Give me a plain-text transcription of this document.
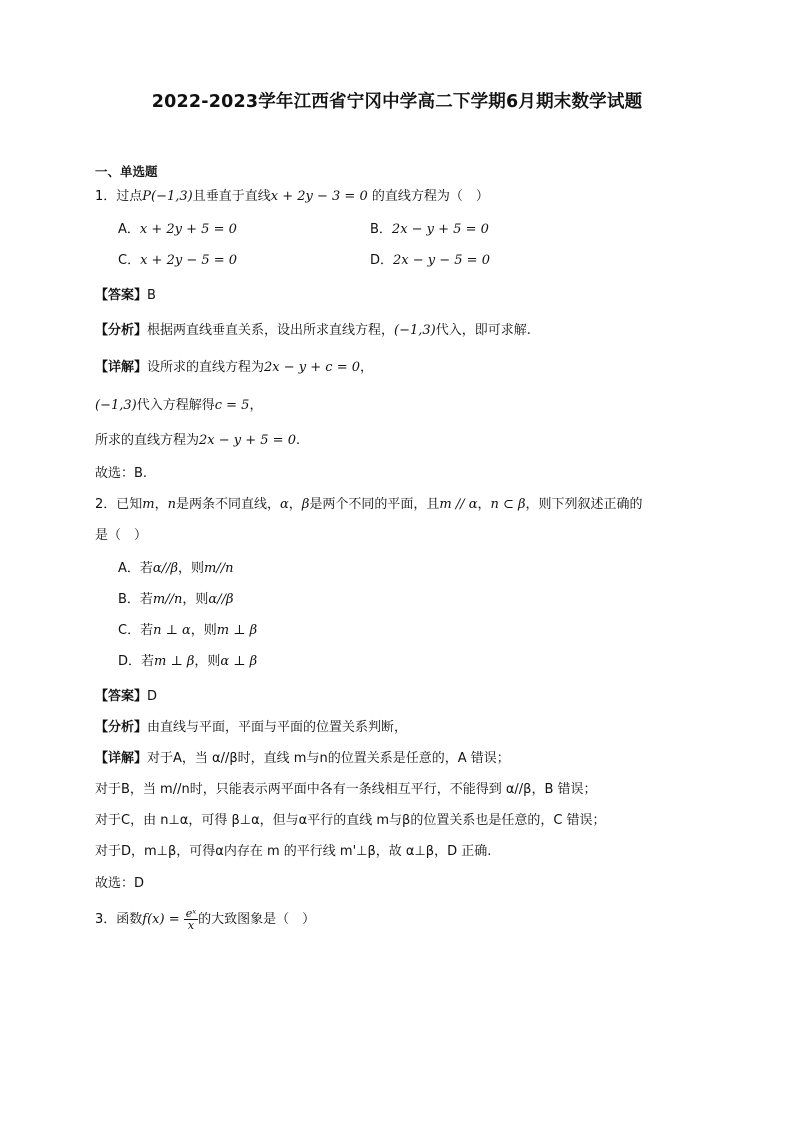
2022-2023学年江西省宁冈中学高二下学期6月期末数学试题
一、单选题
1．过点P(−1,3)且垂直于直线x + 2y − 3 = 0 的直线方程为（　）
A．x + 2y + 5 = 0	B．2x − y + 5 = 0
C．x + 2y − 5 = 0	D．2x − y − 5 = 0
【答案】B
【分析】根据两直线垂直关系，设出所求直线方程，(−1,3)代入，即可求解.
【详解】设所求的直线方程为2x − y + c = 0，
(−1,3)代入方程解得c = 5，
所求的直线方程为2x − y + 5 = 0.
故选：B.
2．已知m，n是两条不同直线，α，β是两个不同的平面，且m // α，n ⊂ β，则下列叙述正确的
是（　）
A．若α//β，则m//n
B．若m//n，则α//β
C．若n ⊥ α，则m ⊥ β
D．若m ⊥ β，则α ⊥ β
【答案】D
【分析】由直线与平面，平面与平面的位置关系判断，
【详解】对于A，当 α//β时，直线 m与n的位置关系是任意的，A 错误；
对于B，当 m//n时，只能表示两平面中各有一条线相互平行，不能得到 α//β，B 错误；
对于C，由 n⊥α，可得 β⊥α，但与α平行的直线 m与β的位置关系也是任意的，C 错误；
对于D，m⊥β，可得α内存在 m 的平行线 m'⊥β，故 α⊥β，D 正确.
故选：D
3．函数$f(x) = \frac{\text{eˣ}}{x}$ 的大致图象是（　）
